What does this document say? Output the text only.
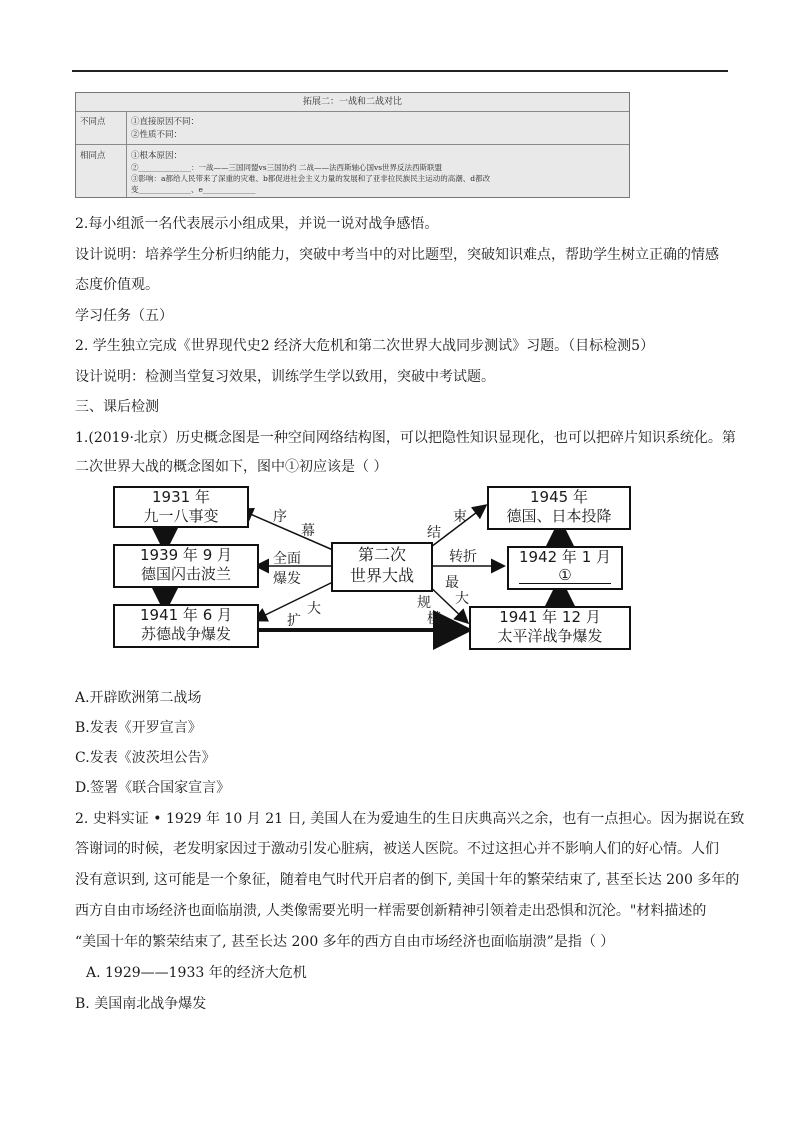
拓展二：一战和二战对比
不同点	①直接原因不同：
②性质不同：
相同点	①根本原因：
②______________：一战——三国同盟vs三国协约 二战——法西斯轴心国vs世界反法西斯联盟
③影响：a都给人民带来了深重的灾难、b都促进社会主义力量的发展和了亚非拉民族民主运动的高潮、d都改
变______________、e______________
2.每小组派一名代表展示小组成果，并说一说对战争感悟。
设计说明：培养学生分析归纳能力，突破中考当中的对比题型，突破知识难点，帮助学生树立正确的情感
态度价值观。
学习任务（五）
2. 学生独立完成《世界现代史2 经济大危机和第二次世界大战同步测试》习题。（目标检测5）
设计说明：检测当堂复习效果，训练学生学以致用，突破中考试题。
三、课后检测
1.(2019·北京）历史概念图是一种空间网络结构图，可以把隐性知识显现化，也可以把碎片知识系统化。第
二次世界大战的概念图如下，图中①初应该是（ ）
1931 年
九一八事变
1939 年 9 月
德国闪击波兰
1941 年 6 月
苏德战争爆发
第二次
世界大战
1945 年
德国、日本投降
1942 年 1 月
①
1941 年 12 月
太平洋战争爆发
序
幕
全面
爆发
扩
大
结
束
转折
最
大
规
模
A.开辟欧洲第二战场
B.发表《开罗宣言》
C.发表《波茨坦公告》
D.签署《联合国家宣言》
2. 史料实证 • 1929 年 10 月 21 日, 美国人在为爱迪生的生日庆典高兴之余，也有一点担心。因为据说在致
答谢词的时候，老发明家因过于激动引发心脏病，被送人医院。不过这担心并不影响人们的好心情。人们
没有意识到, 这可能是一个象征，随着电气时代开启者的倒下, 美国十年的繁荣结束了, 甚至长达 200 多年的
西方自由市场经济也面临崩溃, 人类像需要光明一样需要创新精神引领着走出恐惧和沉沦。"材料描述的
“美国十年的繁荣结束了, 甚至长达 200 多年的西方自由市场经济也面临崩溃”是指（ ）
A. 1929——1933 年的经济大危机
B. 美国南北战争爆发
